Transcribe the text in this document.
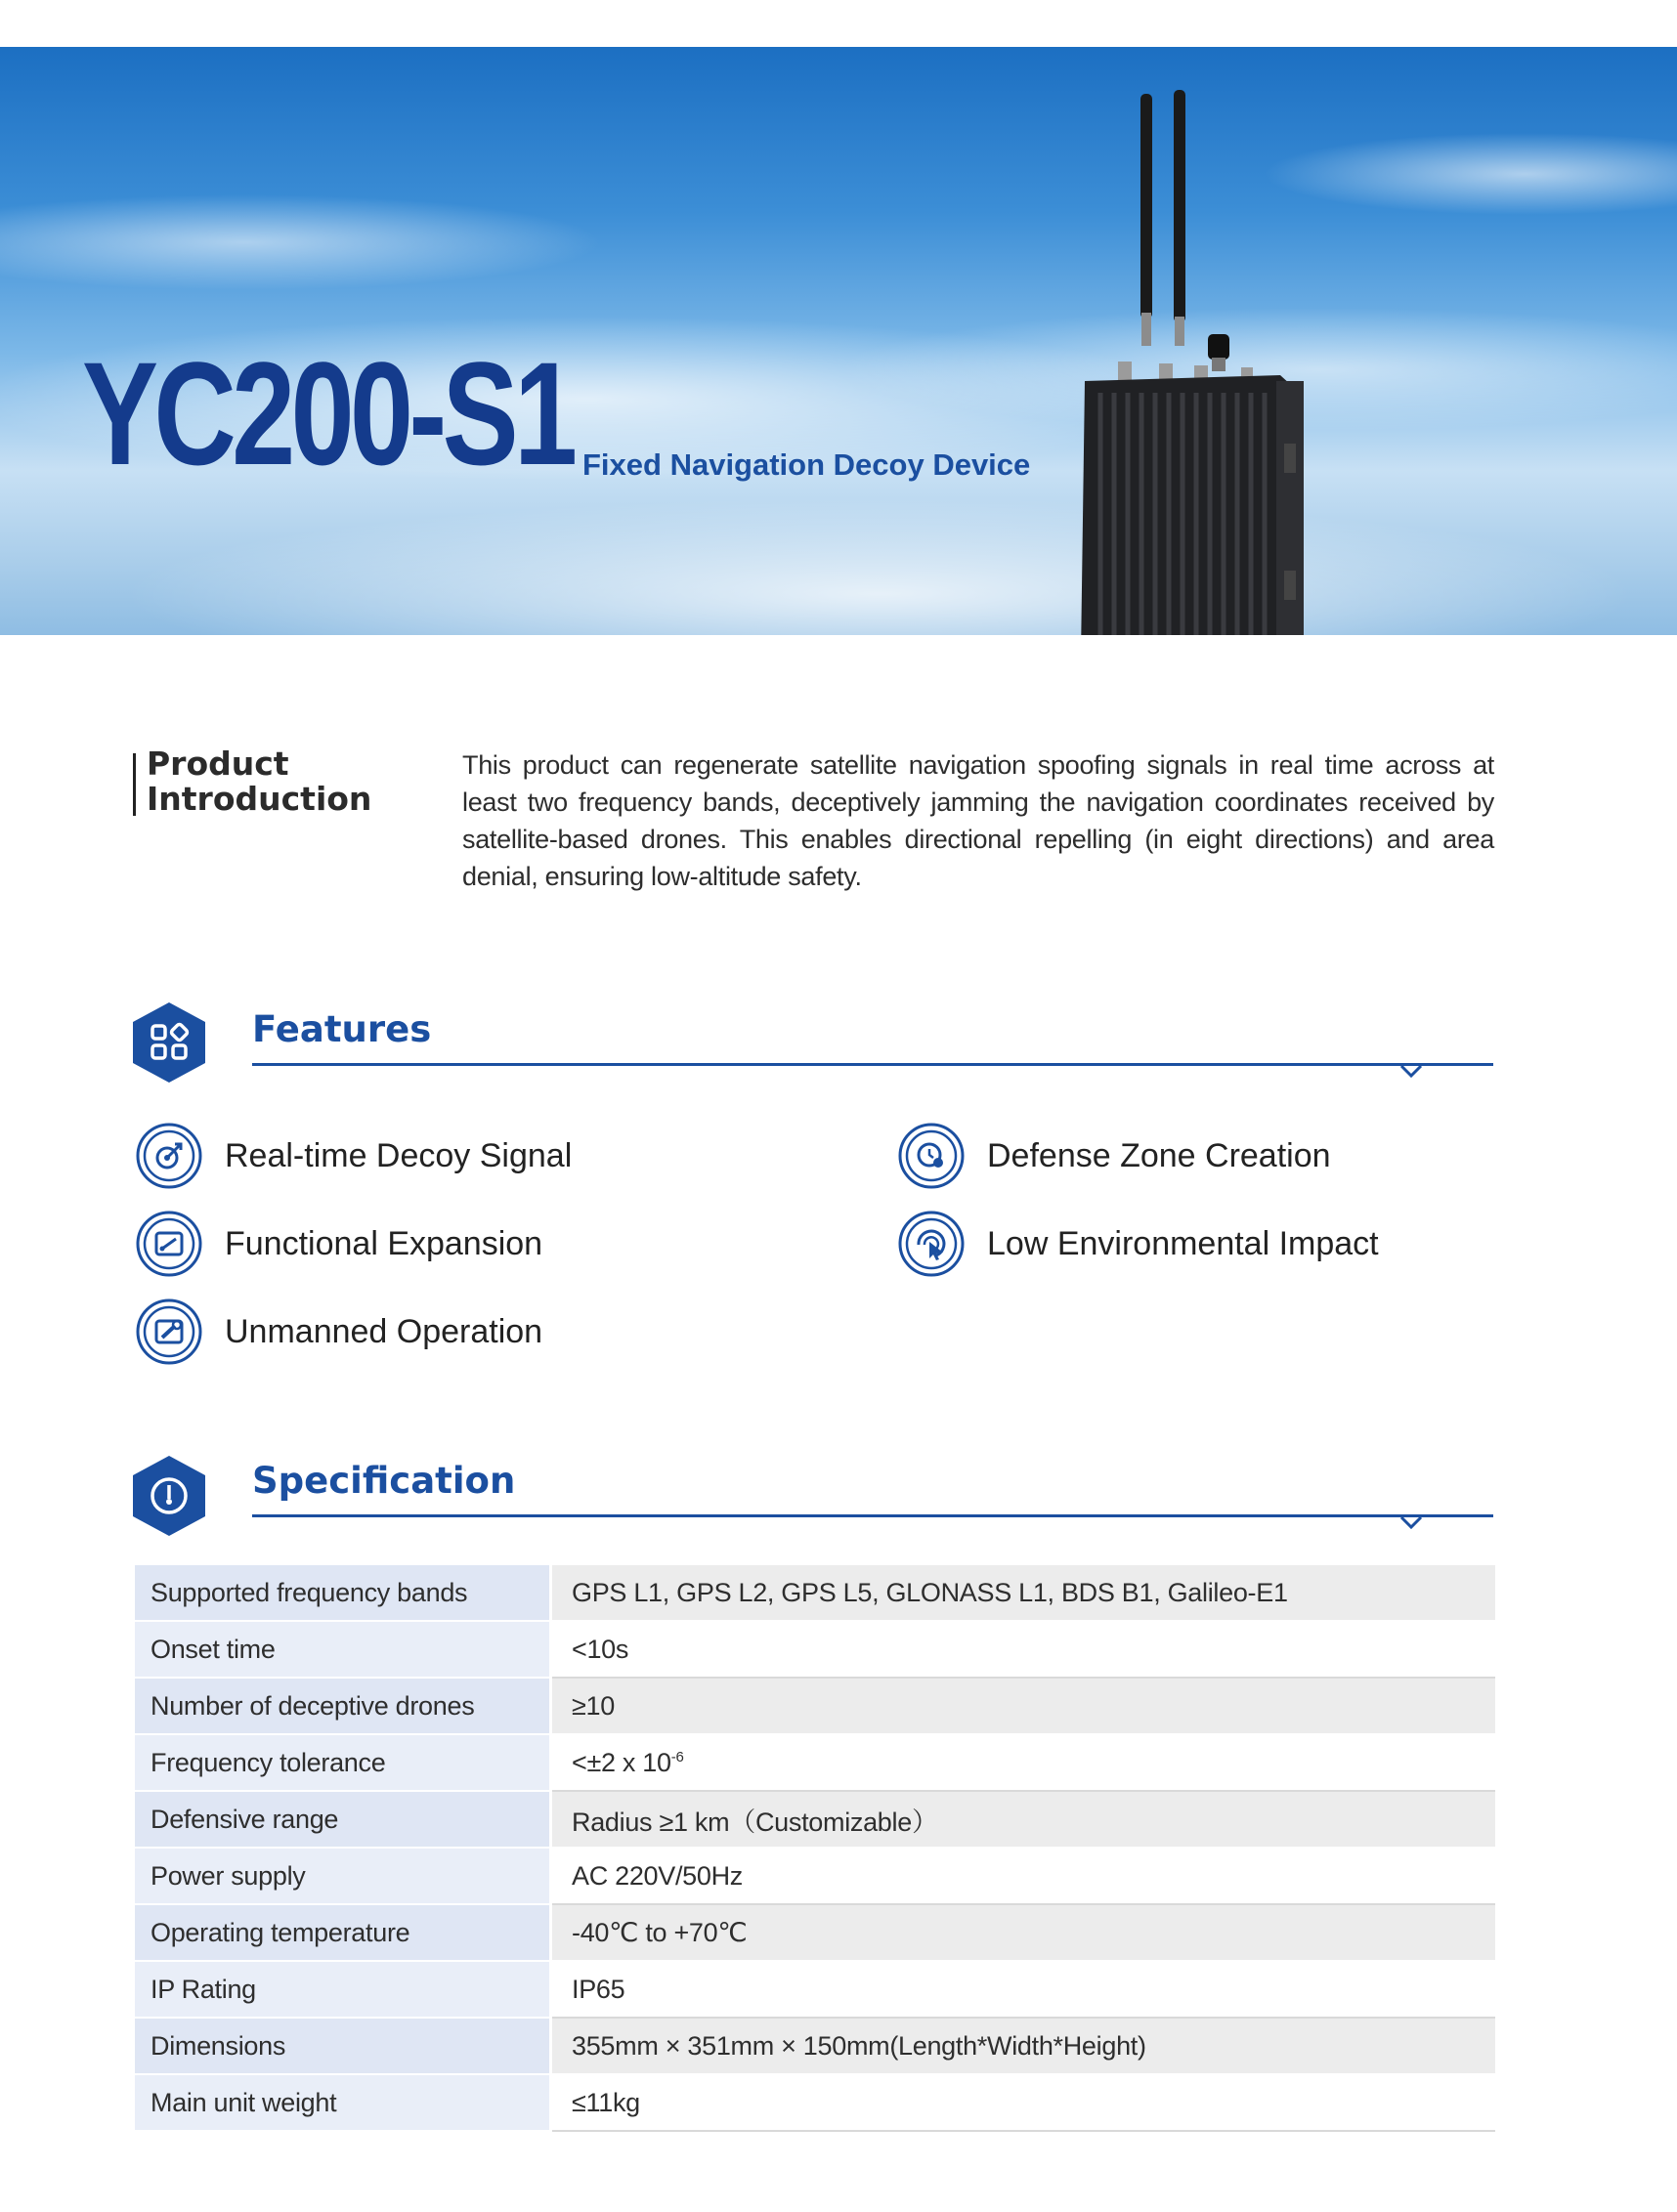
YC200-S1 Fixed Navigation Decoy Device
Product
Introduction
This product can regenerate satellite navigation spoofing signals in real time across at least two frequency bands, deceptively jamming the navigation coordinates received by satellite-based drones. This enables directional repelling (in eight directions) and area denial, ensuring low-altitude safety.
Features
Real-time Decoy Signal	Defense Zone Creation
Functional Expansion	Low Environmental Impact
Unmanned Operation
Specification
Supported frequency bands	GPS L1, GPS L2, GPS L5, GLONASS L1, BDS B1, Galileo-E1
Onset time	<10s
Number of deceptive drones	≥10
Frequency tolerance	<±2 x $10^{-6}$
Defensive range	Radius ≥1 km（Customizable）
Power supply	AC 220V/50Hz
Operating temperature	-40℃ to +70℃
IP Rating	IP65
Dimensions	355mm × 351mm × 150mm(Length*Width*Height)
Main unit weight	≤11kg
